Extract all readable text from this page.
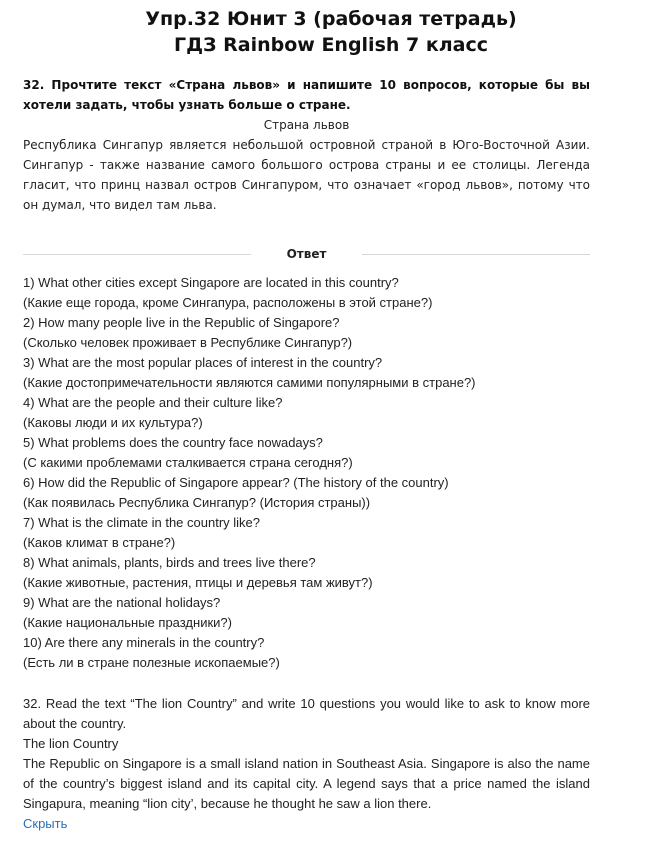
Упр.32 Юнит 3 (рабочая тетрадь)
ГДЗ Rainbow English 7 класс
32. Прочтите текст «Страна львов» и напишите 10 вопросов, которые бы вы хотели задать, чтобы узнать больше о стране.
Страна львов
Республика Сингапур является небольшой островной страной в Юго-Восточной Азии. Сингапур - также название самого большого острова страны и ее столицы. Легенда гласит, что принц назвал остров Сингапуром, что означает «город львов», потому что он думал, что видел там льва.
Ответ
1) What other cities except Singapore are located in this country?
(Какие еще города, кроме Сингапура, расположены в этой стране?)
2) How many people live in the Republic of Singapore?
(Сколько человек проживает в Республике Сингапур?)
3) What are the most popular places of interest in the country?
(Какие достопримечательности являются самими популярными в стране?)
4) What are the people and their culture like?
(Каковы люди и их культура?)
5) What problems does the country face nowadays?
(С какими проблемами сталкивается страна сегодня?)
6) How did the Republic of Singapore appear? (The history of the country)
(Как появилась Республика Сингапур? (История страны))
7) What is the climate in the country like?
(Каков климат в стране?)
8) What animals, plants, birds and trees live there?
(Какие животные, растения, птицы и деревья там живут?)
9) What are the national holidays?
(Какие национальные праздники?)
10) Are there any minerals in the country?
(Есть ли в стране полезные ископаемые?)

32. Read the text “The lion Country” and write 10 questions you would like to ask to know more about the country.

The lion Country

The Republic on Singapore is a small island nation in Southeast Asia. Singapore is also the name of the country’s biggest island and its capital city. A legend says that a price named the island Singapura, meaning “lion city’, because he thought he saw a lion there.

Скрыть
